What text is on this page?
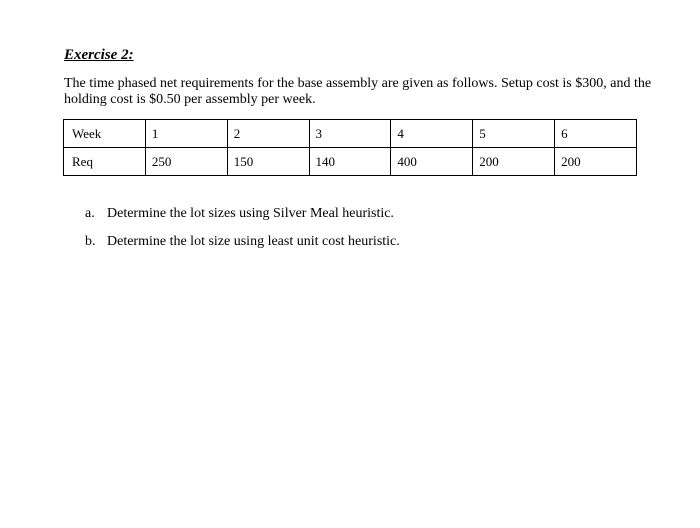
Exercise 2:

The time phased net requirements for the base assembly are given as follows. Setup cost is $300, and the holding cost is $0.50 per assembly per week.

Week	1	2	3	4	5	6
Req	250	150	140	400	200	200
a. Determine the lot sizes using Silver Meal heuristic.
b. Determine the lot size using least unit cost heuristic.
